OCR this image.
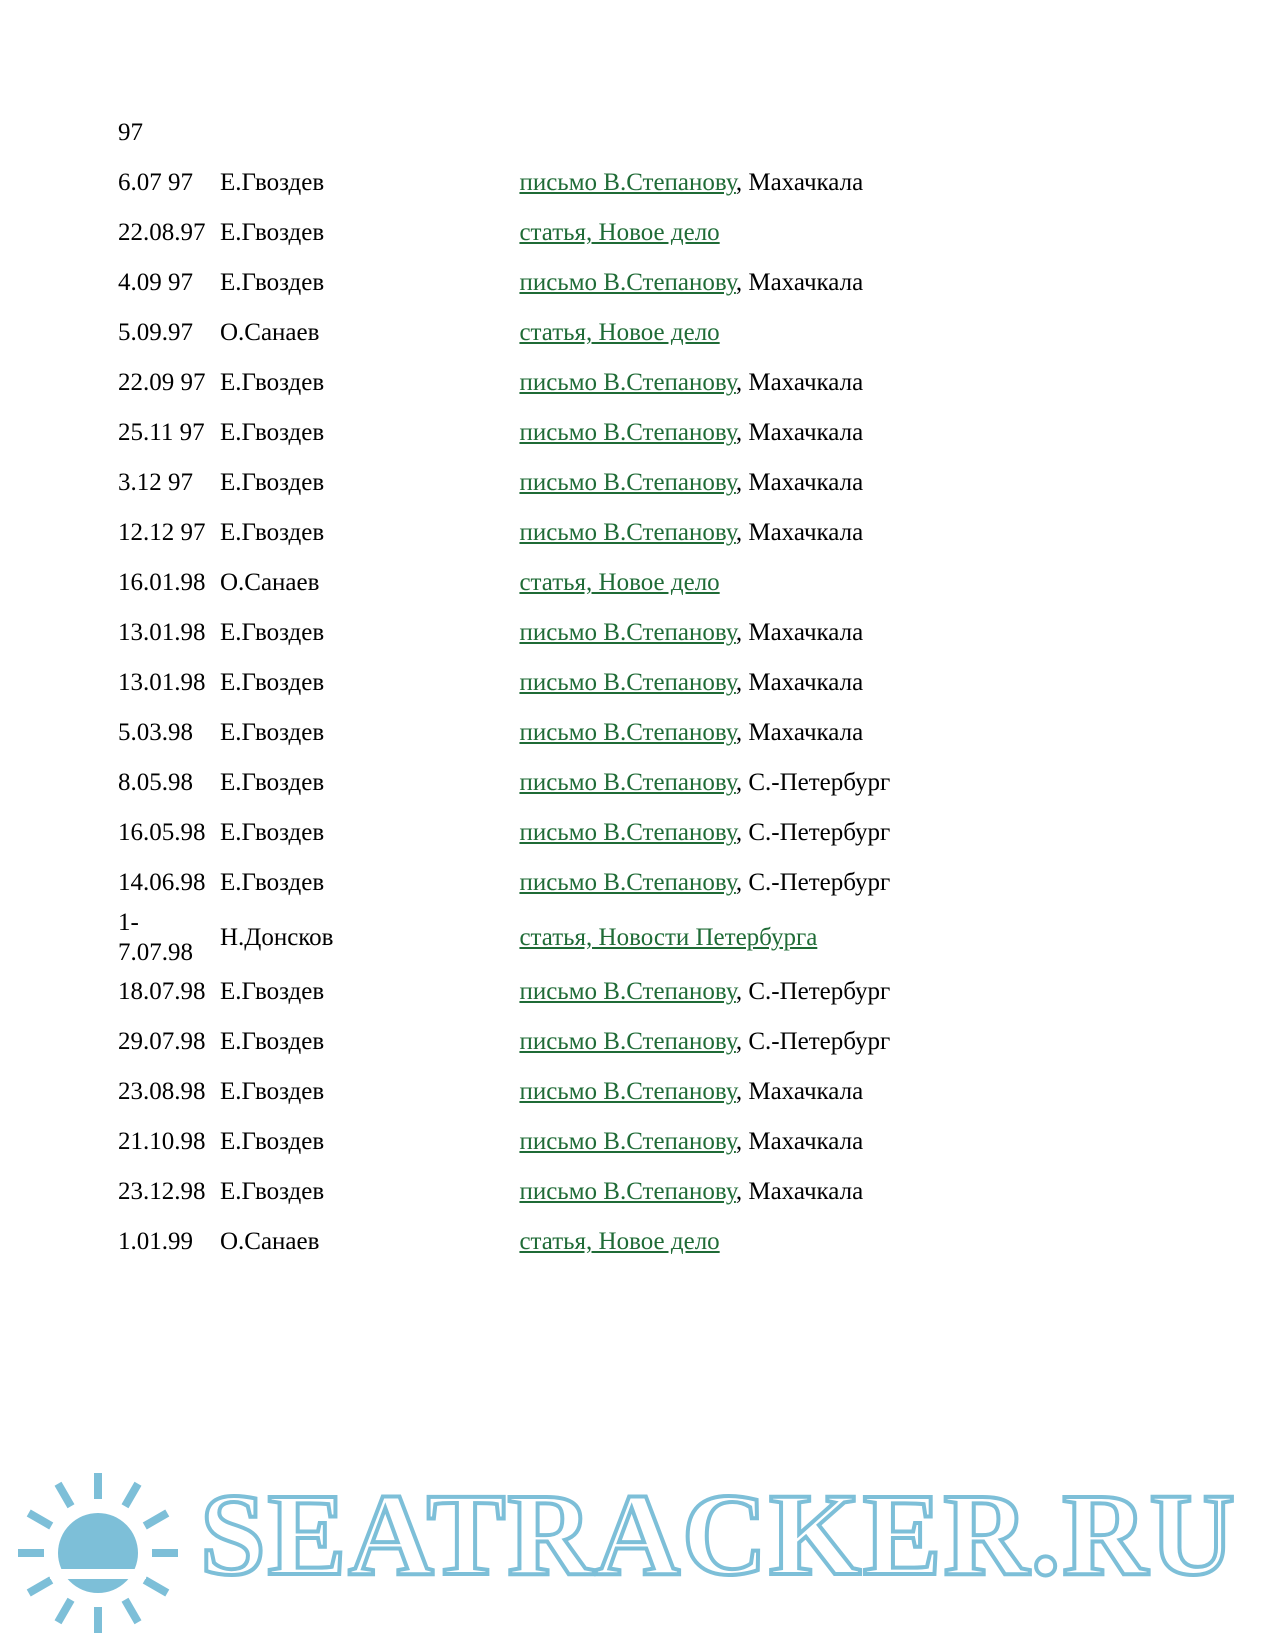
97		
6.07 97	Е.Гвоздев	письмо В.Степанову, Махачкала
22.08.97	Е.Гвоздев	статья, Новое дело
4.09 97	Е.Гвоздев	письмо В.Степанову, Махачкала
5.09.97	О.Санаев	статья, Новое дело
22.09 97	Е.Гвоздев	письмо В.Степанову, Махачкала
25.11 97	Е.Гвоздев	письмо В.Степанову, Махачкала
3.12 97	Е.Гвоздев	письмо В.Степанову, Махачкала
12.12 97	Е.Гвоздев	письмо В.Степанову, Махачкала
16.01.98	О.Санаев	статья, Новое дело
13.01.98	Е.Гвоздев	письмо В.Степанову, Махачкала
13.01.98	Е.Гвоздев	письмо В.Степанову, Махачкала
5.03.98	Е.Гвоздев	письмо В.Степанову, Махачкала
8.05.98	Е.Гвоздев	письмо В.Степанову, С.-Петербург
16.05.98	Е.Гвоздев	письмо В.Степанову, С.-Петербург
14.06.98	Е.Гвоздев	письмо В.Степанову, С.-Петербург
1-7.07.98	Н.Донсков	статья, Новости Петербурга
18.07.98	Е.Гвоздев	письмо В.Степанову, С.-Петербург
29.07.98	Е.Гвоздев	письмо В.Степанову, С.-Петербург
23.08.98	Е.Гвоздев	письмо В.Степанову, Махачкала
21.10.98	Е.Гвоздев	письмо В.Степанову, Махачкала
23.12.98	Е.Гвоздев	письмо В.Степанову, Махачкала
1.01.99	О.Санаев	статья, Новое дело
SEATRACKER.RU
